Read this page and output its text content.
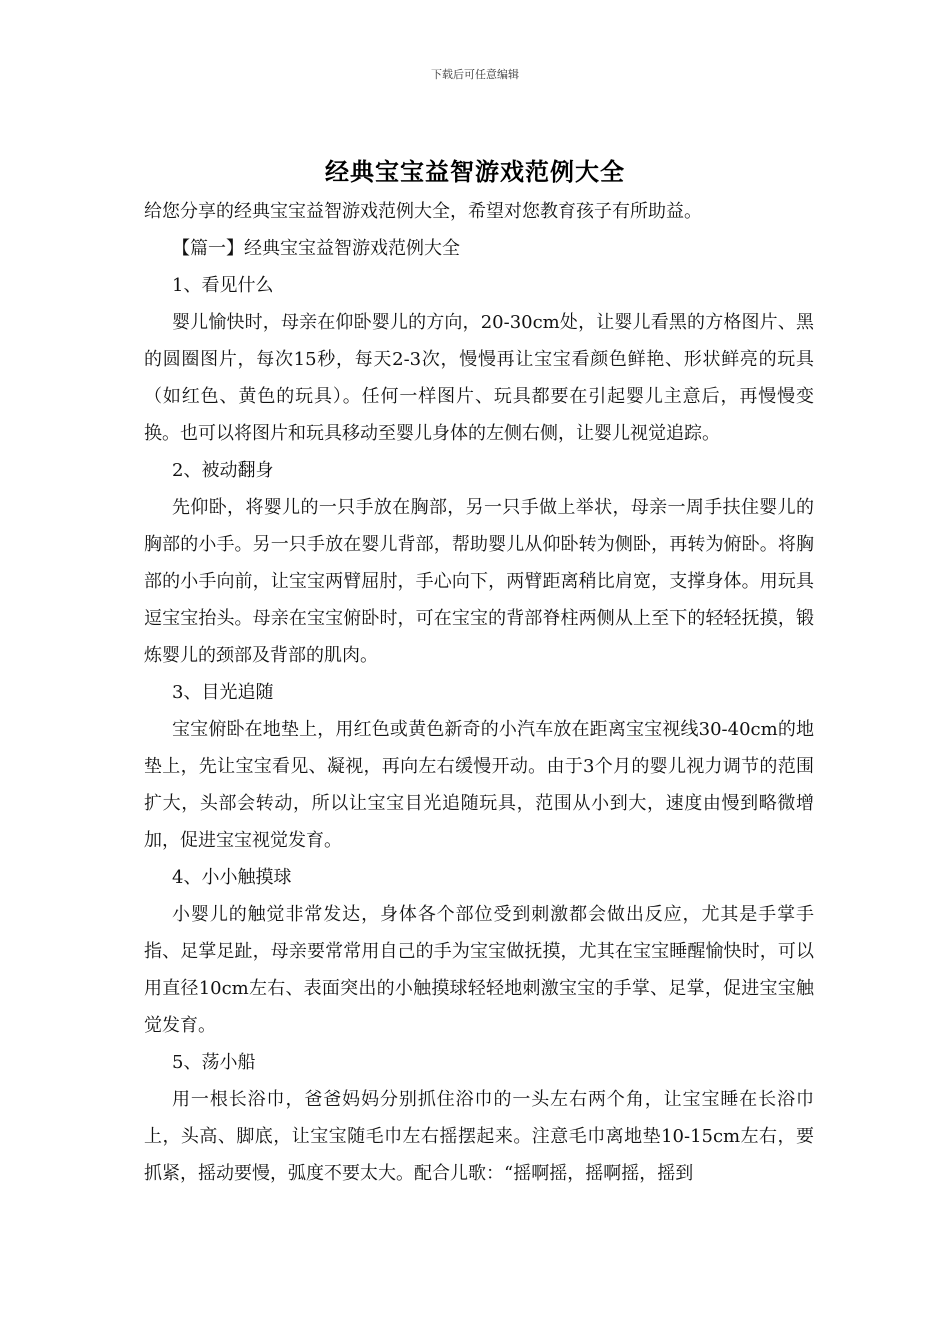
下载后可任意编辑
经典宝宝益智游戏范例大全

给您分享的经典宝宝益智游戏范例大全，希望对您教育孩子有所助益。

【篇一】经典宝宝益智游戏范例大全

1、看见什么

婴儿愉快时，母亲在仰卧婴儿的方向，20-30cm处，让婴儿看黑的方格图片、黑的圆圈图片，每次15秒，每天2-3次，慢慢再让宝宝看颜色鲜艳、形状鲜亮的玩具（如红色、黄色的玩具）。任何一样图片、玩具都要在引起婴儿主意后，再慢慢变换。也可以将图片和玩具移动至婴儿身体的左侧右侧，让婴儿视觉追踪。

2、被动翻身

先仰卧，将婴儿的一只手放在胸部，另一只手做上举状，母亲一周手扶住婴儿的胸部的小手。另一只手放在婴儿背部，帮助婴儿从仰卧转为侧卧，再转为俯卧。将胸部的小手向前，让宝宝两臂屈肘，手心向下，两臂距离稍比肩宽，支撑身体。用玩具逗宝宝抬头。母亲在宝宝俯卧时，可在宝宝的背部脊柱两侧从上至下的轻轻抚摸，锻炼婴儿的颈部及背部的肌肉。

3、目光追随

宝宝俯卧在地垫上，用红色或黄色新奇的小汽车放在距离宝宝视线30-40cm的地垫上，先让宝宝看见、凝视，再向左右缓慢开动。由于3个月的婴儿视力调节的范围扩大，头部会转动，所以让宝宝目光追随玩具，范围从小到大，速度由慢到略微增加，促进宝宝视觉发育。

4、小小触摸球

小婴儿的触觉非常发达，身体各个部位受到刺激都会做出反应，尤其是手掌手指、足掌足趾，母亲要常常用自己的手为宝宝做抚摸，尤其在宝宝睡醒愉快时，可以用直径10cm左右、表面突出的小触摸球轻轻地刺激宝宝的手掌、足掌，促进宝宝触觉发育。

5、荡小船

用一根长浴巾，爸爸妈妈分别抓住浴巾的一头左右两个角，让宝宝睡在长浴巾上，头高、脚底，让宝宝随毛巾左右摇摆起来。注意毛巾离地垫10-15cm左右，要抓紧，摇动要慢，弧度不要太大。配合儿歌：“摇啊摇，摇啊摇，摇到
